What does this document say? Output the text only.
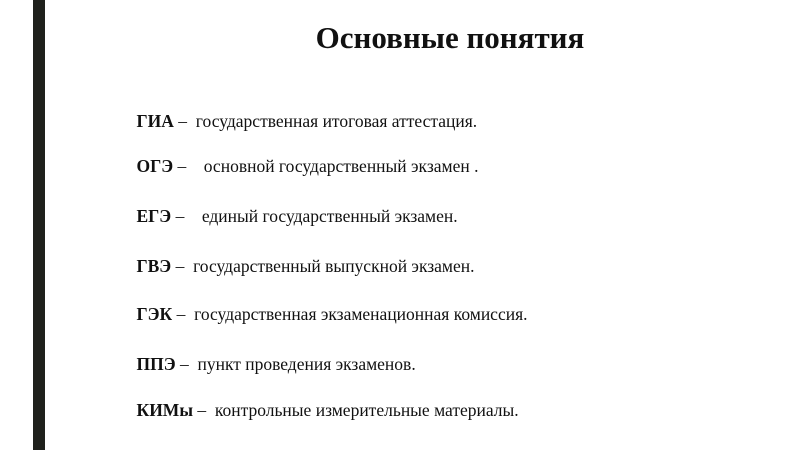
Основные понятия

ГИА –  государственная итоговая аттестация.

ОГЭ –    основной государственный экзамен .

ЕГЭ –    единый государственный экзамен.

ГВЭ –  государственный выпускной экзамен.

ГЭК –  государственная экзаменационная комиссия.

ППЭ –  пункт проведения экзаменов.

КИМы –  контрольные измерительные материалы.
